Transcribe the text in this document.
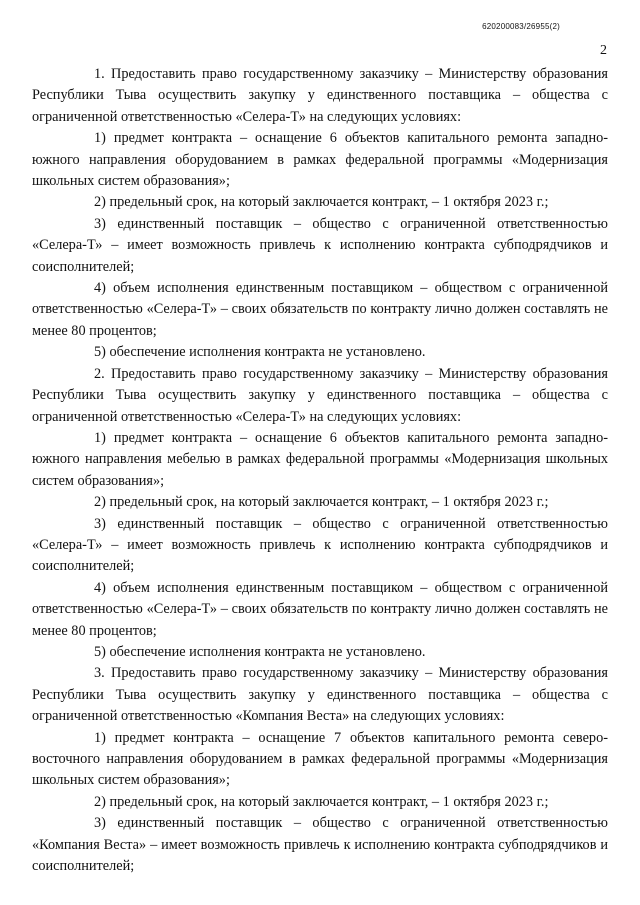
620200083/26955(2)
2

1. Предоставить право государственному заказчику – Министерству образования Республики Тыва осуществить закупку у единственного поставщика – общества с ограниченной ответственностью «Селера-Т» на следующих условиях:

1) предмет контракта – оснащение 6 объектов капитального ремонта западно-южного направления оборудованием в рамках федеральной программы «Модернизация школьных систем образования»;

2) предельный срок, на который заключается контракт, – 1 октября 2023 г.;

3) единственный поставщик – общество с ограниченной ответственностью «Селера-Т» – имеет возможность привлечь к исполнению контракта субподрядчиков и соисполнителей;

4) объем исполнения единственным поставщиком – обществом с ограниченной ответственностью «Селера-Т» – своих обязательств по контракту лично должен составлять не менее 80 процентов;

5) обеспечение исполнения контракта не установлено.

2. Предоставить право государственному заказчику – Министерству образования Республики Тыва осуществить закупку у единственного поставщика – общества с ограниченной ответственностью «Селера-Т» на следующих условиях:

1) предмет контракта – оснащение 6 объектов капитального ремонта западно-южного направления мебелью в рамках федеральной программы «Модернизация школьных систем образования»;

2) предельный срок, на который заключается контракт, – 1 октября 2023 г.;

3) единственный поставщик – общество с ограниченной ответственностью «Селера-Т» – имеет возможность привлечь к исполнению контракта субподрядчиков и соисполнителей;

4) объем исполнения единственным поставщиком – обществом с ограниченной ответственностью «Селера-Т» – своих обязательств по контракту лично должен составлять не менее 80 процентов;

5) обеспечение исполнения контракта не установлено.

3. Предоставить право государственному заказчику – Министерству образования Республики Тыва осуществить закупку у единственного поставщика – общества с ограниченной ответственностью «Компания Веста» на следующих условиях:

1) предмет контракта – оснащение 7 объектов капитального ремонта северо-восточного направления оборудованием в рамках федеральной программы «Модернизация школьных систем образования»;

2) предельный срок, на который заключается контракт, – 1 октября 2023 г.;

3) единственный поставщик – общество с ограниченной ответственностью «Компания Веста» – имеет возможность привлечь к исполнению контракта субподрядчиков и соисполнителей;
